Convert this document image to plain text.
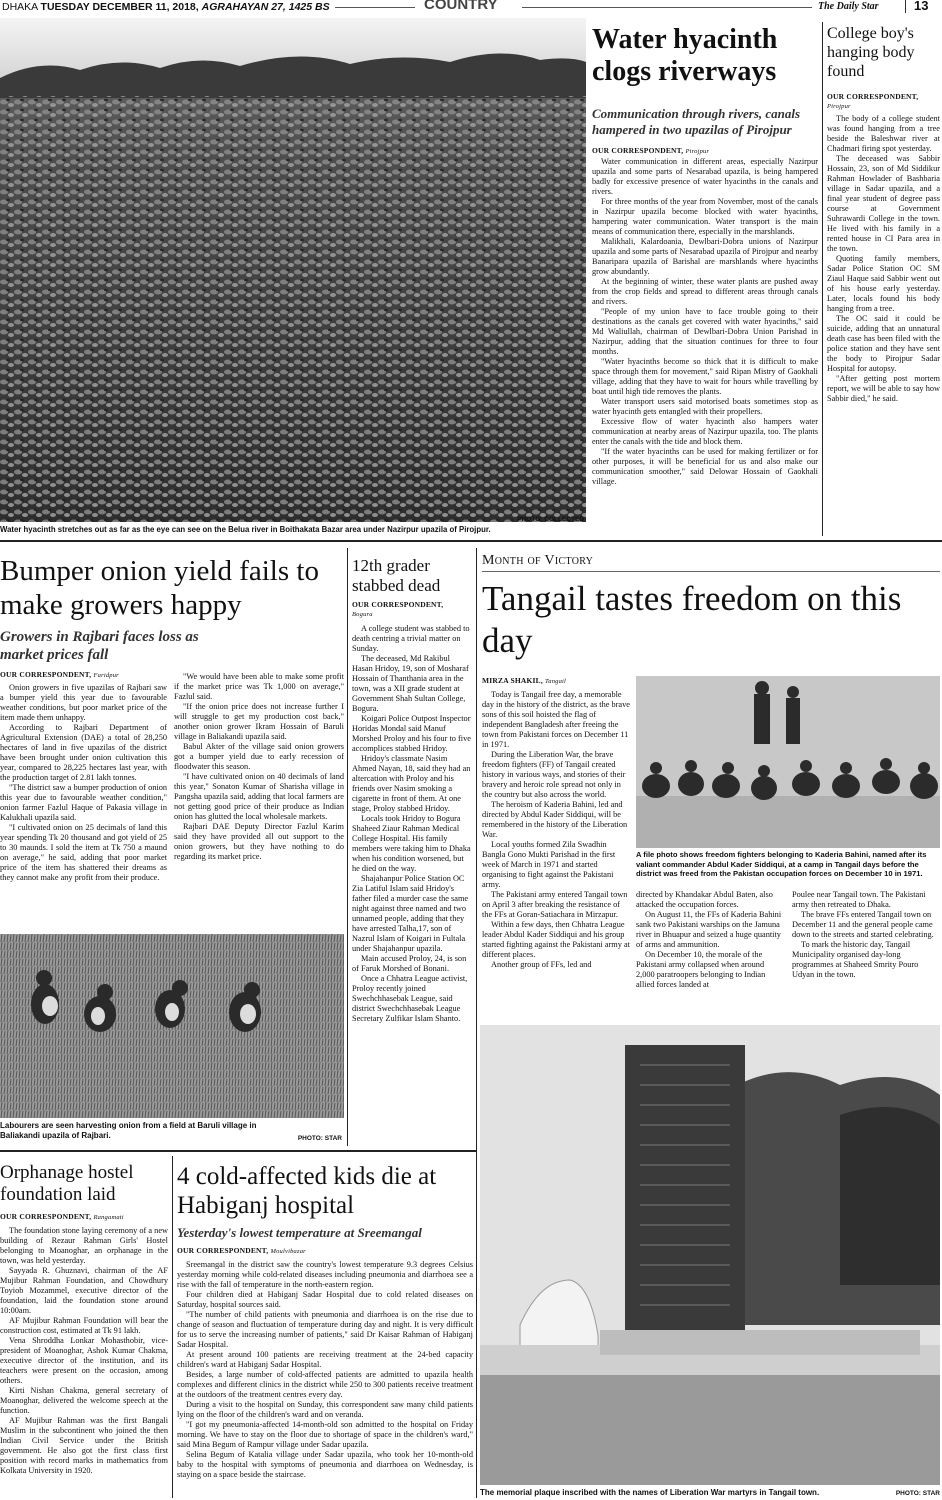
DHAKA TUESDAY DECEMBER 11, 2018, AGRAHAYAN 27, 1425 BS	COUNTRY	The Daily Star	13
Water hyacinth stretches out as far as the eye can see on the Belua river in Boithakata Bazar area under Nazirpur upazila of Pirojpur.
PHOTO: COLLECTED
Water hyacinth clogs riverways
Communication through rivers, canals hampered in two upazilas of Pirojpur
OUR CORRESPONDENT, Pirojpur

Water communication in different areas, especially Nazirpur upazila and some parts of Nesarabad upazila, is being hampered badly for excessive presence of water hyacinths in the canals and rivers.

For three months of the year from November, most of the canals in Nazirpur upazila become blocked with water hyacinths, hampering water communication. Water transport is the main means of communication there, especially in the marshlands.

Malikhali, Kalardoania, Dewlbari-Dobra unions of Nazirpur upazila and some parts of Nesarabad upazila of Pirojpur and nearby Banaripara upazila of Barishal are marshlands where hyacinths grow abundantly.

At the beginning of winter, these water plants are pushed away from the crop fields and spread to different areas through canals and rivers.

"People of my union have to face trouble going to their destinations as the canals get covered with water hyacinths," said Md Waliullah, chairman of Dewlbari-Dobra Union Parishad in Nazirpur, adding that the situation continues for three to four months.

"Water hyacinths become so thick that it is difficult to make space through them for movement," said Ripan Mistry of Gaokhali village, adding that they have to wait for hours while travelling by boat until high tide removes the plants.

Water transport users said motorised boats sometimes stop as water hyacinth gets entangled with their propellers.

Excessive flow of water hyacinth also hampers water communication at nearby areas of Nazirpur upazila, too. The plants enter the canals with the tide and block them.

"If the water hyacinths can be used for making fertilizer or for other purposes, it will be beneficial for us and also make our communication smoother," said Delowar Hossain of Gaokhali village.

College boy's hanging body found
OUR CORRESPONDENT,
Pirojpur

The body of a college student was found hanging from a tree beside the Baleshwar river at Chadmari firing spot yesterday.

The deceased was Sabbir Hossain, 23, son of Md Siddikur Rahman Howlader of Bashbaria village in Sadar upazila, and a final year student of degree pass course at Government Suhrawardi College in the town. He lived with his family in a rented house in CI Para area in the town.

Quoting family members, Sadar Police Station OC SM Ziaul Haque said Sabbir went out of his house early yesterday. Later, locals found his body hanging from a tree.

The OC said it could be suicide, adding that an unnatural death case has been filed with the police station and they have sent the body to Pirojpur Sadar Hospital for autopsy.

"After getting post mortem report, we will be able to say how Sabbir died," he said.

Bumper onion yield fails to make growers happy
Growers in Rajbari faces loss as market prices fall
OUR CORRESPONDENT, Faridpur

Onion growers in five upazilas of Rajbari saw a bumper yield this year due to favourable weather conditions, but poor market price of the item made them unhappy.

According to Rajbari Department of Agricultural Extension (DAE) a total of 28,250 hectares of land in five upazilas of the district have been brought under onion cultivation this year, compared to 28,225 hectares last year, with the production target of 2.81 lakh tonnes.

"The district saw a bumper production of onion this year due to favourable weather condition," onion farmer Fazlul Haque of Pakasia village in Kalukhali upazila said.

"I cultivated onion on 25 decimals of land this year spending Tk 20 thousand and got yield of 25 to 30 maunds. I sold the item at Tk 750 a maund on average," he said, adding that poor market price of the item has shattered their dreams as they cannot make any profit from their produce.

"We would have been able to make some profit if the market price was Tk 1,000 on average," Fazlul said.

"If the onion price does not increase further I will struggle to get my production cost back," another onion grower Ikram Hossain of Baruli village in Baliakandi upazila said.

Babul Akter of the village said onion growers got a bumper yield due to early recession of floodwater this season.

"I have cultivated onion on 40 decimals of land this year," Sonaton Kumar of Sharisha village in Pangsha upazila said, adding that local farmers are not getting good price of their produce as Indian onion has glutted the local wholesale markets.

Rajbari DAE Deputy Director Fazlul Karim said they have provided all out support to the onion growers, but they have nothing to do regarding its market price.

Labourers are seen harvesting onion from a field at Baruli village in Baliakandi upazila of Rajbari.	PHOTO: STAR
12th grader stabbed dead
OUR CORRESPONDENT,
Bogura

A college student was stabbed to death centring a trivial matter on Sunday.

The deceased, Md Rakibul Hasan Hridoy, 19, son of Mosharaf Hossain of Thanthania area in the town, was a XII grade student at Government Shah Sultan College, Bogura.

Koigari Police Outpost Inspector Horidas Mondal said Manuf Morshed Proloy and his four to five accomplices stabbed Hridoy.

Hridoy's classmate Nasim Ahmed Nayan, 18, said they had an altercation with Proloy and his friends over Nasim smoking a cigarette in front of them. At one stage, Proloy stabbed Hridoy.

Locals took Hridoy to Bogura Shaheed Ziaur Rahman Medical College Hospital. His family members were taking him to Dhaka when his condition worsened, but he died on the way.

Shajahanpur Police Station OC Zia Latiful Islam said Hridoy's father filed a murder case the same night against three named and two unnamed people, adding that they have arrested Talha,17, son of Nazrul Islam of Koigari in Fultala under Shajahanpur upazila.

Main accused Proloy, 24, is son of Faruk Morshed of Bonani.

Once a Chhatra League activist, Proloy recently joined Swechchhasebak League, said district Swechchhasebak League Secretary Zulfikar Islam Shanto.

Month of Victory
Tangail tastes freedom on this day
MIRZA SHAKIL, Tangail

Today is Tangail free day, a memorable day in the history of the district, as the brave sons of this soil hoisted the flag of independent Bangladesh after freeing the town from Pakistani forces on December 11 in 1971.

During the Liberation War, the brave freedom fighters (FF) of Tangail created history in various ways, and stories of their bravery and heroic role spread not only in the country but also across the world.

The heroism of Kaderia Bahini, led and directed by Abdul Kader Siddiqui, will be remembered in the history of the Liberation War.

Local youths formed Zila Swadhin Bangla Gono Mukti Parishad in the first week of March in 1971 and started organising to fight against the Pakistani army.

The Pakistani army entered Tangail town on April 3 after breaking the resistance of the FFs at Goran-Satiachara in Mirzapur.

Within a few days, then Chhatra League leader Abdul Kader Siddiqui and his group started fighting against the Pakistani army at different places.

Another group of FFs, led and

A file photo shows freedom fighters belonging to Kaderia Bahini, named after its valiant commander Abdul Kader Siddiqui, at a camp in Tangail days before the district was freed from the Pakistan occupation forces on December 10 in 1971.

directed by Khandakar Abdul Baten, also attacked the occupation forces.

On August 11, the FFs of Kaderia Bahini sank two Pakistani warships on the Jamuna river in Bhuapur and seized a huge quantity of arms and ammunition.

On December 10, the morale of the Pakistani army collapsed when around 2,000 paratroopers belonging to Indian allied forces landed at

Poulee near Tangail town. The Pakistani army then retreated to Dhaka.

The brave FFs entered Tangail town on December 11 and the general people came down to the streets and started celebrating.

To mark the historic day, Tangail Municipality organised day-long programmes at Shaheed Smrity Pouro Udyan in the town.

The memorial plaque inscribed with the names of Liberation War martyrs in Tangail town.	PHOTO: STAR
Orphanage hostel foundation laid
OUR CORRESPONDENT, Rangamati

The foundation stone laying ceremony of a new building of Rezaur Rahman Girls' Hostel belonging to Moanoghar, an orphanage in the town, was held yesterday.

Sayyada R. Ghuznavi, chairman of the AF Mujibur Rahman Foundation, and Chowdhury Toyiob Mozammel, executive director of the foundation, laid the foundation stone around 10:00am.

AF Mujibur Rahman Foundation will bear the construction cost, estimated at Tk 91 lakh.

Vena Shroddha Lonkar Mohasthobir, vice-president of Moanoghar, Ashok Kumar Chakma, executive director of the institution, and its teachers were present on the occasion, among others.

Kirti Nishan Chakma, general secretary of Moanoghar, delivered the welcome speech at the function.

AF Mujibur Rahman was the first Bangali Muslim in the subcontinent who joined the then Indian Civil Service under the British government. He also got the first class first position with record marks in mathematics from Kolkata University in 1920.

4 cold-affected kids die at Habiganj hospital
Yesterday's lowest temperature at Sreemangal
OUR CORRESPONDENT, Moulvibazar

Sreemangal in the district saw the country's lowest temperature 9.3 degrees Celsius yesterday morning while cold-related diseases including pneumonia and diarrhoea see a rise with the fall of temperature in the north-eastern region.

Four children died at Habiganj Sadar Hospital due to cold related diseases on Saturday, hospital sources said.

"The number of child patients with pneumonia and diarrhoea is on the rise due to change of season and fluctuation of temperature during day and night. It is very difficult for us to serve the increasing number of patients," said Dr Kaisar Rahman of Habiganj Sadar Hospital.

At present around 100 patients are receiving treatment at the 24-bed capacity children's ward at Habiganj Sadar Hospital.

Besides, a large number of cold-affected patients are admitted to upazila health complexes and different clinics in the district while 250 to 300 patients receive treatment at the outdoors of the treatment centres every day.

During a visit to the hospital on Sunday, this correspondent saw many child patients lying on the floor of the children's ward and on veranda.

"I got my pneumonia-affected 14-month-old son admitted to the hospital on Friday morning. We have to stay on the floor due to shortage of space in the children's ward," said Mina Begum of Rampur village under Sadar upazila.

Selina Begum of Katalia village under Sadar upazila, who took her 10-month-old baby to the hospital with symptoms of pneumonia and diarrhoea on Wednesday, is staying on a space beside the staircase.
